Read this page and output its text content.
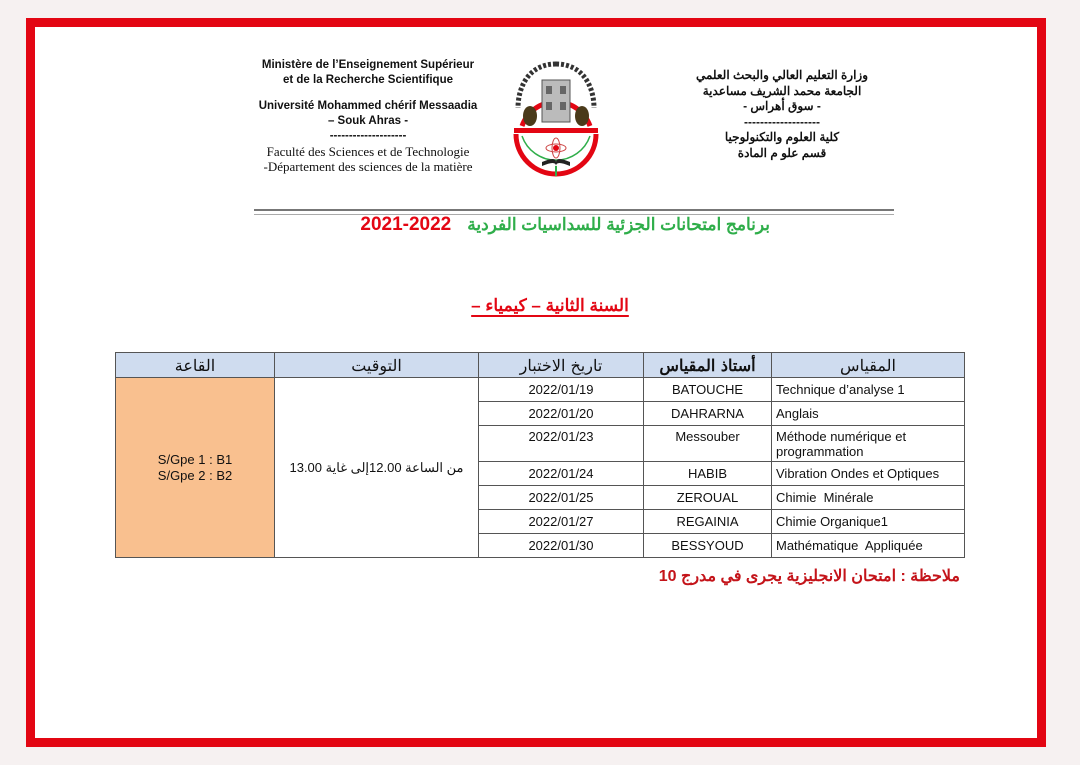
Ministère de l’Enseignement Supérieur
et de la Recherche Scientifique
Université Mohammed chérif Messaadia
– Souk Ahras -
--------------------
Faculté des Sciences et de Technologie
-Département des sciences de la matière
وزارة التعليم العالي والبحث العلمي
الجامعة محمد الشريف مساعدية
- سوق أهراس -
-------------------
كلية العلوم والتكنولوجيا
قسم علو م المادة
برنامج امتحانات الجزئية للسداسيات الفردية2022-2021
السنة الثانية – كيمياء –
القاعة	التوقيت	تاريخ الاختبار	أستاذ المقياس	المقياس

S/Gpe 1 : B1
S/Gpe 2 : B2	من الساعة 12.00إلى غاية 13.00	2022/01/19	BATOUCHE	Technique d’analyse 1
		2022/01/20	DAHRARNA	Anglais
		2022/01/23	Messouber	Méthode numérique et programmation
		2022/01/24	HABIB	Vibration Ondes et Optiques
		2022/01/25	ZEROUAL	Chimie  Minérale
		2022/01/27	REGAINIA	Chimie Organique1
		2022/01/30	BESSYOUD	Mathématique  Appliquée
ملاحظة : امتحان الانجليزية يجرى في مدرج 10
